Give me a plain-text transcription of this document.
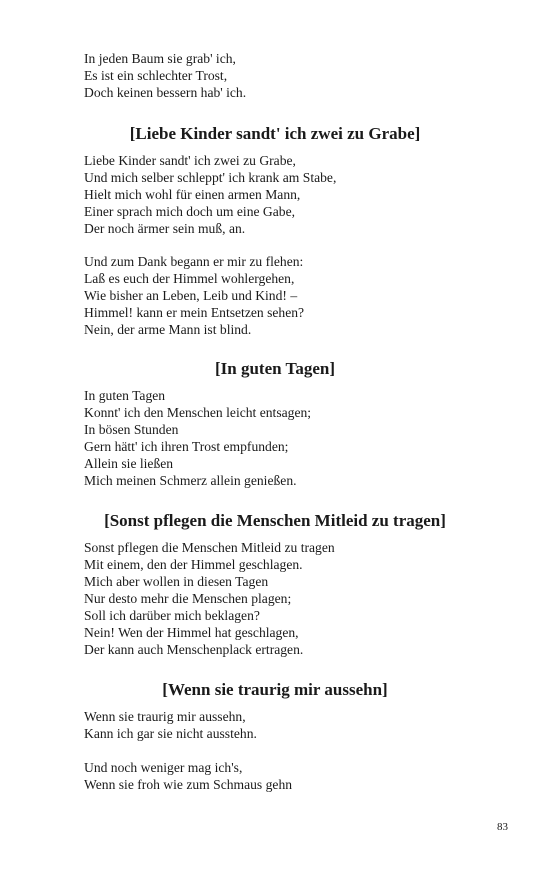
In jeden Baum sie grab' ich,
Es ist ein schlechter Trost,
Doch keinen bessern hab' ich.
[Liebe Kinder sandt' ich zwei zu Grabe]
Liebe Kinder sandt' ich zwei zu Grabe,
Und mich selber schleppt' ich krank am Stabe,
Hielt mich wohl für einen armen Mann,
Einer sprach mich doch um eine Gabe,
Der noch ärmer sein muß, an.
Und zum Dank begann er mir zu flehen:
Laß es euch der Himmel wohlergehen,
Wie bisher an Leben, Leib und Kind! –
Himmel! kann er mein Entsetzen sehen?
Nein, der arme Mann ist blind.
[In guten Tagen]
In guten Tagen
Konnt' ich den Menschen leicht entsagen;
In bösen Stunden
Gern hätt' ich ihren Trost empfunden;
Allein sie ließen
Mich meinen Schmerz allein genießen.
[Sonst pflegen die Menschen Mitleid zu tragen]
Sonst pflegen die Menschen Mitleid zu tragen
Mit einem, den der Himmel geschlagen.
Mich aber wollen in diesen Tagen
Nur desto mehr die Menschen plagen;
Soll ich darüber mich beklagen?
Nein! Wen der Himmel hat geschlagen,
Der kann auch Menschenplack ertragen.
[Wenn sie traurig mir aussehn]
Wenn sie traurig mir aussehn,
Kann ich gar sie nicht ausstehn.
Und noch weniger mag ich's,
Wenn sie froh wie zum Schmaus gehn
83
